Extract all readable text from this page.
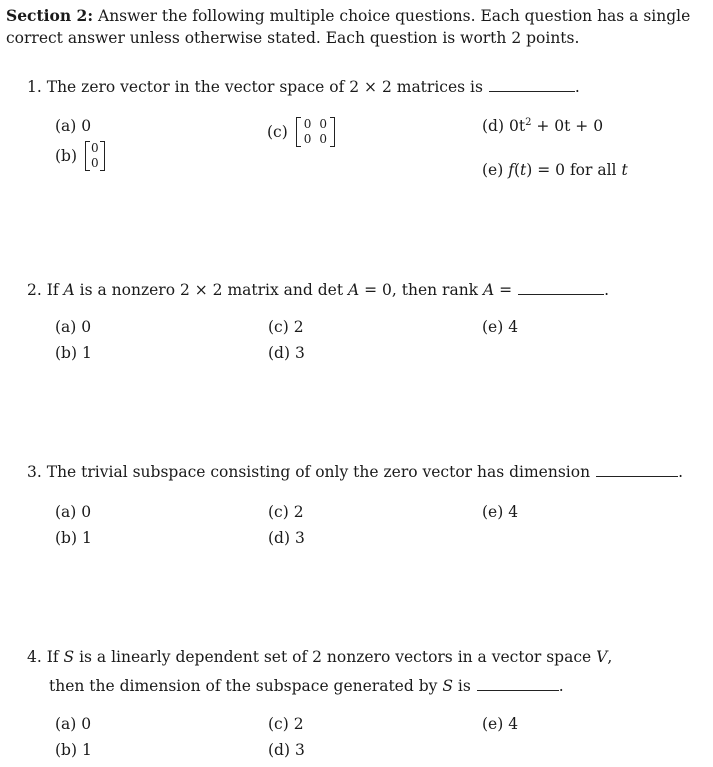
Section 2: Answer the following multiple choice questions. Each question has a single correct answer unless otherwise stated. Each question is worth 2 points.
1. The zero vector in the vector space of 2 × 2 matrices is	.
(a) 0
(b) 0
0
(c) 0	0
0	0
(d) $0t^2 + 0t + 0$
(e) f(t) = 0 for all t
2. If A is a nonzero 2 × 2 matrix and det A = 0, then rank A =	.
(a) 0
(b) 1
(c) 2
(d) 3
(e) 4
3. The trivial subspace consisting of only the zero vector has dimension	.
(a) 0
(b) 1
(c) 2
(d) 3
(e) 4
4. If S is a linearly dependent set of 2 nonzero vectors in a vector space V,
then the dimension of the subspace generated by S is	.
(a) 0
(b) 1
(c) 2
(d) 3
(e) 4
